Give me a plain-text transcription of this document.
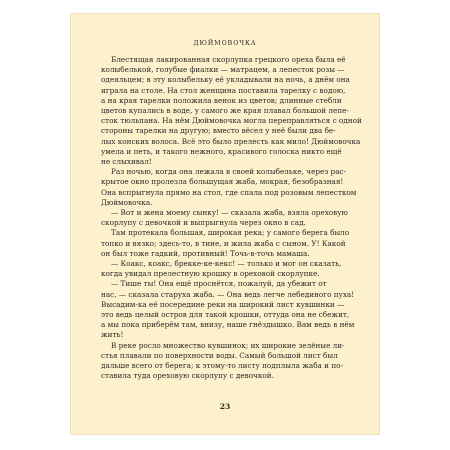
ДЮЙМОВОЧКА

Блестящая лакированная скорлупка грецкого ореха была её
колыбелькой, голубые фиалки — матрацем, а лепесток розы —
одеяльцем; в эту колыбельку её укладывали на ночь, а днём она
играла на столе. На стол женщина поставила тарелку с водою,
а на края тарелки положила венок из цветов; длинные стебли
цветов купались в воде, у самого же края плавал большой лепе-
сток тюльпана. На нём Дюймовочка могла переправляться с одной
стороны тарелки на другую; вместо вёсел у неё были два бе-
лых конских волоса. Всё это было прелесть как мило! Дюймовочка
умела и петь, и такого нежного, красивого голоска никто ещё
не слыхивал!

Раз ночью, когда она лежала в своей колыбельке, через рас-
крытое окно пролезла большущая жаба, мокрая, безобразная!
Она вспрыгнула прямо на стол, где спала под розовым лепестком
Дюймовочка.

— Вот и жена моему сынку! — сказала жаба, взяла ореховую
скорлупу с девочкой и выпрыгнула через окно в сад.

Там протекала большая, широкая река; у самого берега было
топко и вязко; здесь-то, в тине, и жила жаба с сыном. У! Какой
он был тоже гадкий, противный! Точь-в-точь мамаша.

— Коакс, коакс, брекке-ке-кекс! — только и мог он сказать,
когда увидал прелестную крошку в ореховой скорлупке.

— Тише ты! Она ещё проснётся, пожалуй, да убежит от
нас, — сказала старуха жаба. — Она ведь легче лебединого пуха!
Высадим-ка её посередине реки на широкий лист кувшинки —
это ведь целый остров для такой крошки, оттуда она не сбежит,
а мы пока приберём там, внизу, наше гнёздышко. Вам ведь в нём
жить!

В реке росло множество кувшинок; их широкие зелёные ли-
стья плавали по поверхности воды. Самый большой лист был
дальше всего от берега; к этому-то листу подплыла жаба и по-
ставила туда ореховую скорлупу с девочкой.

23
